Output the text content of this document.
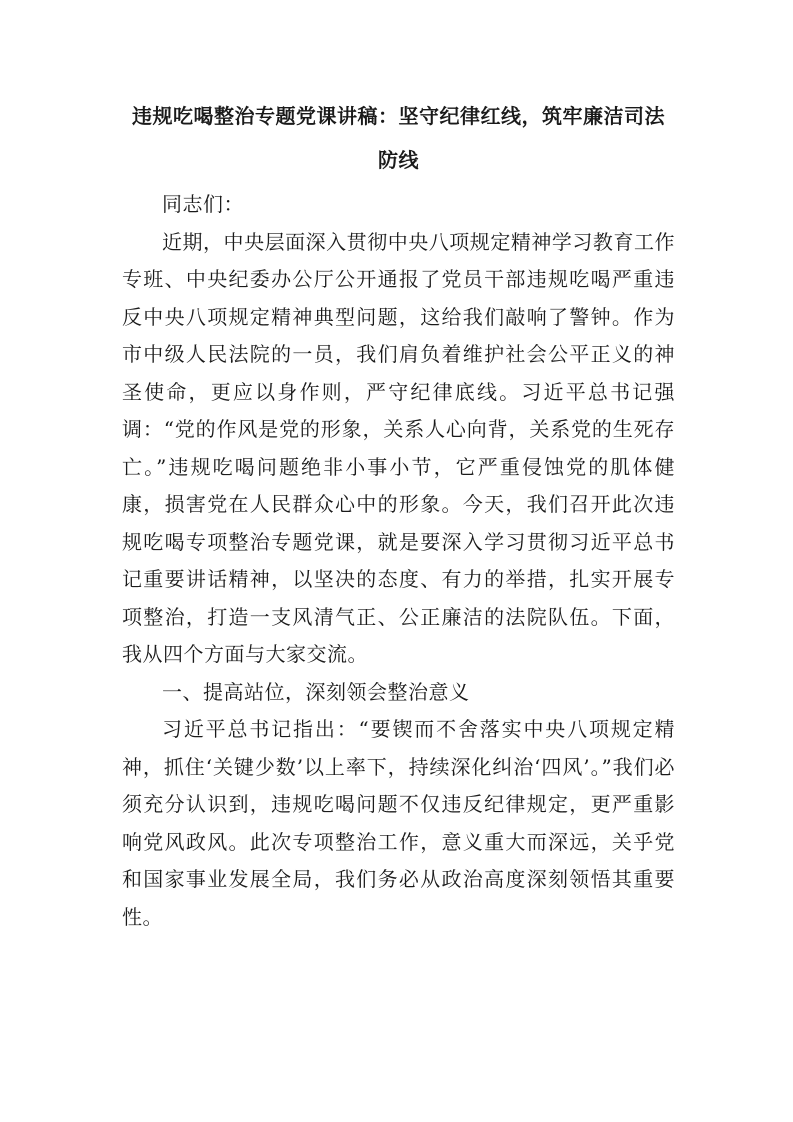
违规吃喝整治专题党课讲稿：坚守纪律红线，筑牢廉洁司法防线

同志们：

近期，中央层面深入贯彻中央八项规定精神学习教育工作专班、中央纪委办公厅公开通报了党员干部违规吃喝严重违反中央八项规定精神典型问题，这给我们敲响了警钟。作为市中级人民法院的一员，我们肩负着维护社会公平正义的神圣使命，更应以身作则，严守纪律底线。习近平总书记强调：“党的作风是党的形象，关系人心向背，关系党的生死存亡。”违规吃喝问题绝非小事小节，它严重侵蚀党的肌体健康，损害党在人民群众心中的形象。今天，我们召开此次违规吃喝专项整治专题党课，就是要深入学习贯彻习近平总书记重要讲话精神，以坚决的态度、有力的举措，扎实开展专项整治，打造一支风清气正、公正廉洁的法院队伍。下面，我从四个方面与大家交流。

一、提高站位，深刻领会整治意义

习近平总书记指出：“要锲而不舍落实中央八项规定精神，抓住‘关键少数’以上率下，持续深化纠治‘四风’。”我们必须充分认识到，违规吃喝问题不仅违反纪律规定，更严重影响党风政风。此次专项整治工作，意义重大而深远，关乎党和国家事业发展全局，我们务必从政治高度深刻领悟其重要性。
